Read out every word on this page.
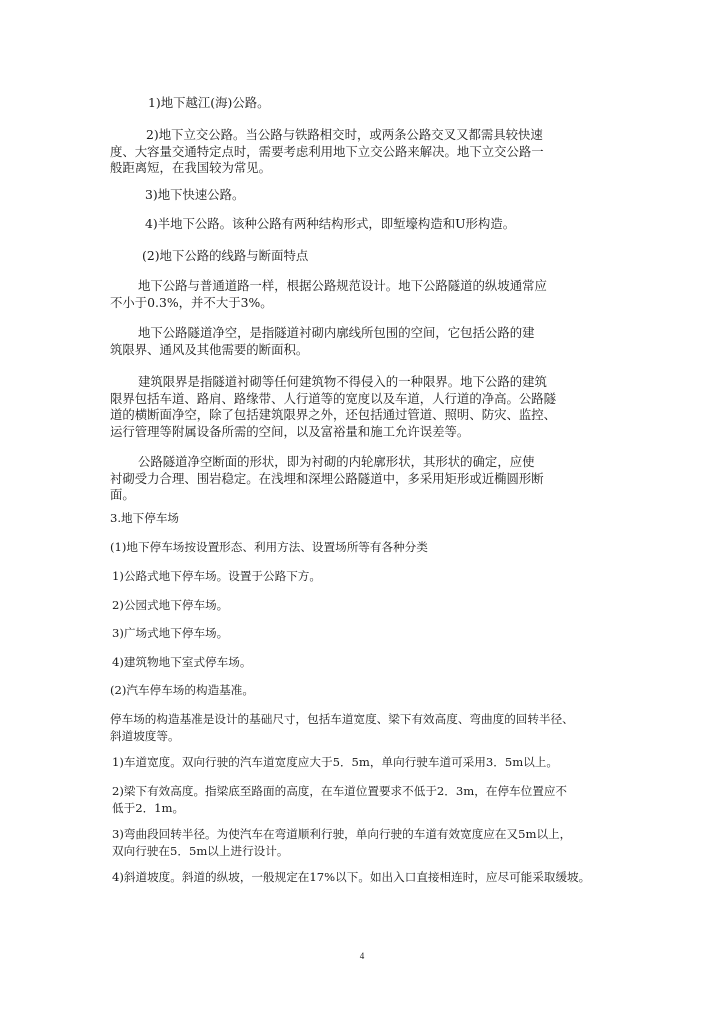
1)地下越江(海)公路。

2)地下立交公路。当公路与铁路相交时，或两条公路交叉又都需具较快速
度、大容量交通特定点时，需要考虑利用地下立交公路来解决。地下立交公路一
般距离短，在我国较为常见。

3)地下快速公路。

4)半地下公路。该种公路有两种结构形式，即堑壕构造和U形构造。

(2)地下公路的线路与断面特点

地下公路与普通道路一样，根据公路规范设计。地下公路隧道的纵坡通常应
不小于0.3%，并不大于3%。

地下公路隧道净空，是指隧道衬砌内廓线所包围的空间，它包括公路的建
筑限界、通风及其他需要的断面积。

建筑限界是指隧道衬砌等任何建筑物不得侵入的一种限界。地下公路的建筑
限界包括车道、路肩、路缘带、人行道等的宽度以及车道，人行道的净高。公路隧
道的横断面净空，除了包括建筑限界之外，还包括通过管道、照明、防灾、监控、
运行管理等附属设备所需的空间，以及富裕量和施工允许误差等。

公路隧道净空断面的形状，即为衬砌的内轮廓形状，其形状的确定，应使
衬砌受力合理、围岩稳定。在浅埋和深埋公路隧道中，多采用矩形或近椭圆形断
面。

3.地下停车场

(1)地下停车场按设置形态、利用方法、设置场所等有各种分类

1)公路式地下停车场。设置于公路下方。

2)公园式地下停车场。

3)广场式地下停车场。

4)建筑物地下室式停车场。

(2)汽车停车场的构造基准。

停车场的构造基准是设计的基础尺寸，包括车道宽度、梁下有效高度、弯曲度的回转半径、
斜道坡度等。

1)车道宽度。双向行驶的汽车道宽度应大于5．5m，单向行驶车道可采用3．5m以上。

2)梁下有效高度。指梁底至路面的高度，在车道位置要求不低于2．3m，在停车位置应不
低于2．1m。

3)弯曲段回转半径。为使汽车在弯道顺利行驶，单向行驶的车道有效宽度应在又5m以上，
双向行驶在5．5m以上进行设计。

4)斜道坡度。斜道的纵坡，一般规定在17%以下。如出入口直接相连时，应尽可能采取缓坡。

4
